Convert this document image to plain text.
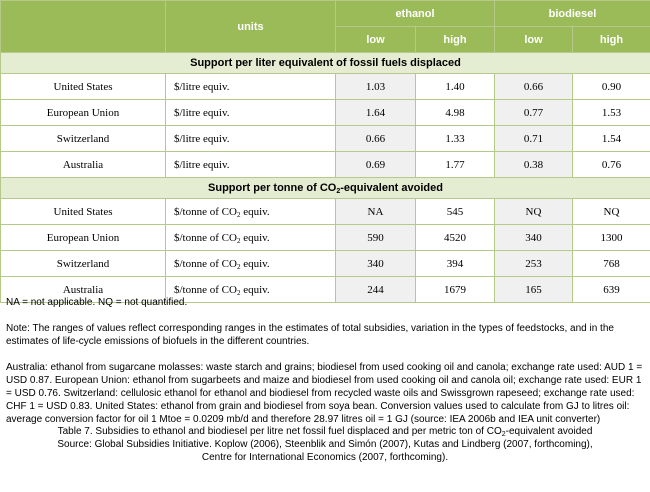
	units	ethanol		biodiesel	
		low	high	low	high
Support per liter equivalent of fossil fuels displaced					
United States	$/litre equiv.	1.03	1.40	0.66	0.90
European Union	$/litre equiv.	1.64	4.98	0.77	1.53
Switzerland	$/litre equiv.	0.66	1.33	0.71	1.54
Australia	$/litre equiv.	0.69	1.77	0.38	0.76
Support per tonne of $CO_2$-equivalent avoided					
United States	$/tonne of $CO_2$ equiv.	NA	545	NQ	NQ
European Union	$/tonne of $CO_2$ equiv.	590	4520	340	1300
Switzerland	$/tonne of $CO_2$ equiv.	340	394	253	768
Australia	$/tonne of $CO_2$ equiv.	244	1679	165	639

NA = not applicable. NQ = not quantified.

Note: The ranges of values reflect corresponding ranges in the estimates of total subsidies, variation in the types of feedstocks, and in the estimates of life-cycle emissions of biofuels in the different countries.

Australia: ethanol from sugarcane molasses: waste starch and grains; biodiesel from used cooking oil and canola; exchange rate used: AUD 1 = USD 0.87. European Union: ethanol from sugarbeets and maize and biodiesel from used cooking oil and canola oil; exchange rate used: EUR 1 = USD 0.76. Switzerland: cellulosic ethanol for ethanol and biodiesel from recycled waste oils and Swissgrown rapeseed; exchange rate used: CHF 1 = USD 0.83. United States: ethanol from grain and biodiesel from soya bean. Conversion values used to calculate from GJ to litres oil: average conversion factor for oil 1 Mtoe = 0.0209 mb/d and therefore 28.97 litres oil = 1 GJ (source: IEA 2006b and IEA unit converter)

Table 7. Subsidies to ethanol and biodiesel per litre net fossil fuel displaced and per metric ton of $CO_2$-equivalent avoided
Source: Global Subsidies Initiative. Koplow (2006), Steenblik and Simón (2007), Kutas and Lindberg (2007, forthcoming),
Centre for International Economics (2007, forthcoming).
